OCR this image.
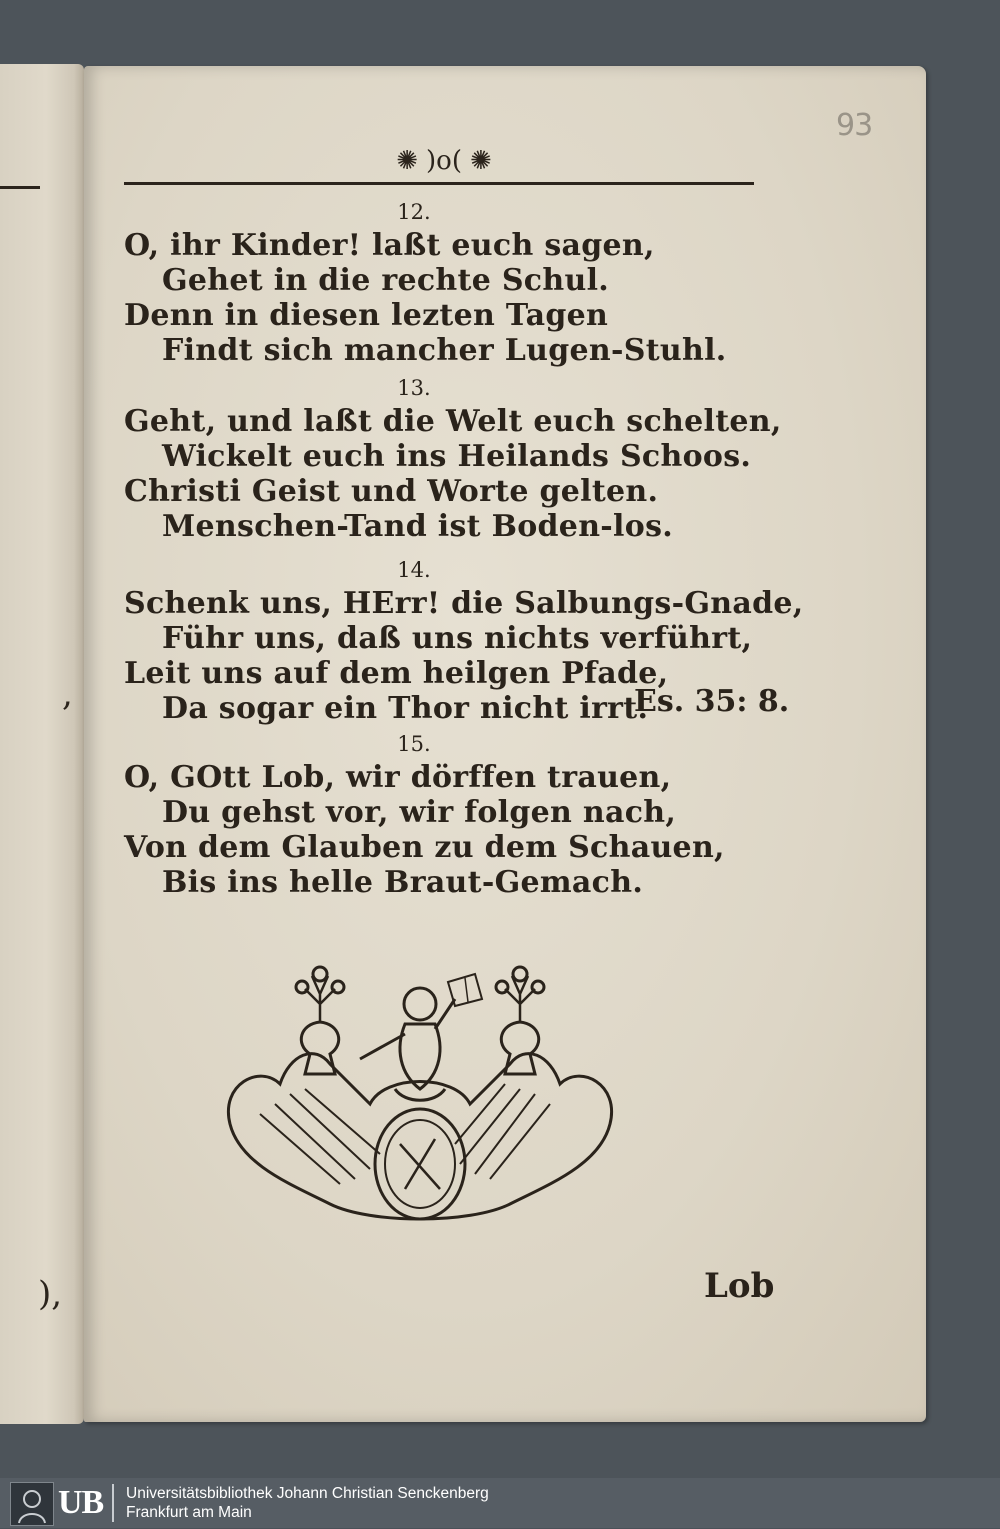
,
),
93
✺ )o( ✺
12.
O, ihr Kinder! laßt euch sagen,
Gehet in die rechte Schul.
Denn in diesen lezten Tagen
Findt sich mancher Lugen-Stuhl.
13.
Geht, und laßt die Welt euch schelten,
Wickelt euch ins Heilands Schoos.
Christi Geist und Worte gelten.
Menschen-Tand ist Boden-los.
14.
Schenk uns, HErr! die Salbungs-Gnade,
Führ uns, daß uns nichts verführt,
Leit uns auf dem heilgen Pfade,
Da sogar ein Thor nicht irrt.
Es. 35: 8.
15.
O, GOtt Lob, wir dörffen trauen,
Du gehst vor, wir folgen nach,
Von dem Glauben zu dem Schauen,
Bis ins helle Braut-Gemach.
Lob
UB Universitätsbibliothek Johann Christian Senckenberg
Frankfurt am Main
